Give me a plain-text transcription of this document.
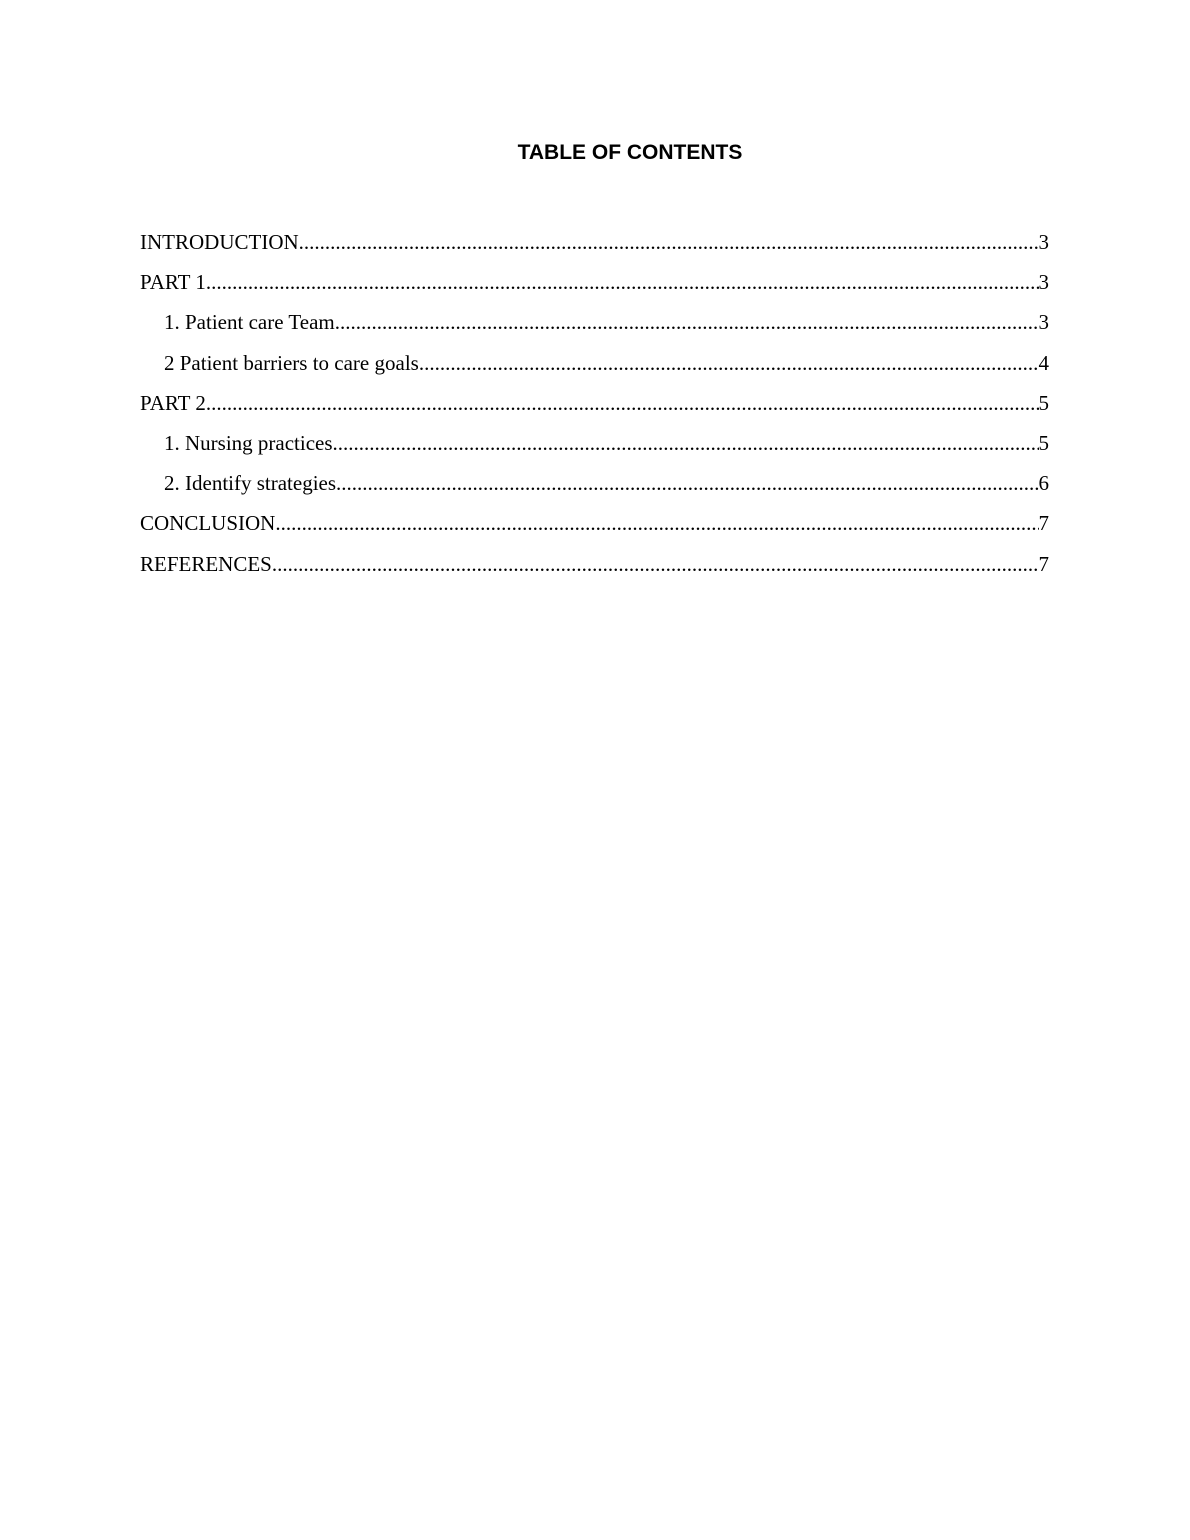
TABLE OF CONTENTS
INTRODUCTION .....	3
PART 1 .....	3
1. Patient care Team .....	3
2 Patient barriers to care goals .....	4
PART 2 .....	5
1. Nursing practices .....	5
2. Identify strategies .....	6
CONCLUSION .....	7
REFERENCES .....	7
